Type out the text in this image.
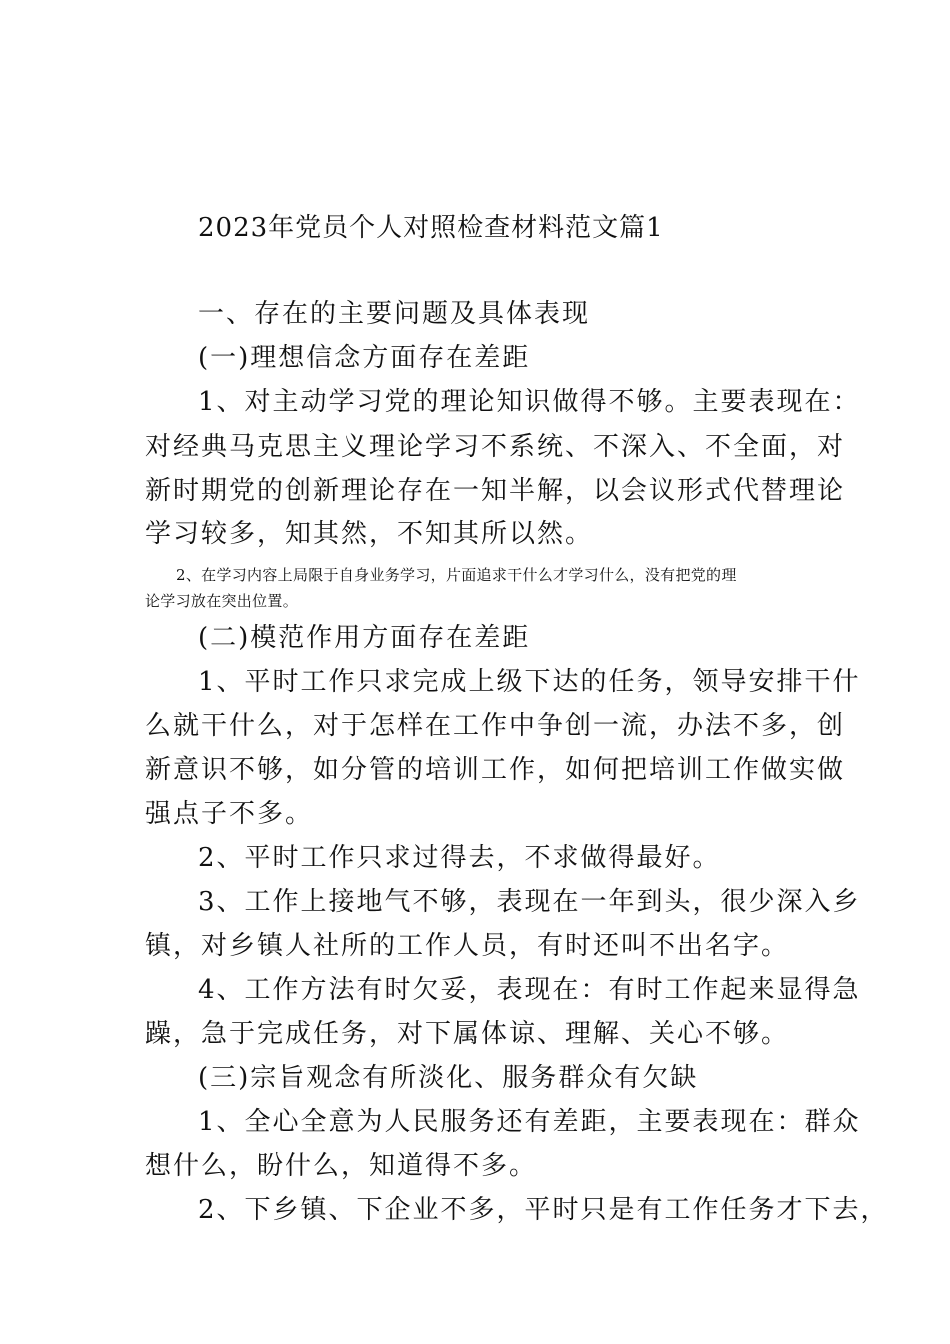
2023年党员个人对照检查材料范文篇1
一、存在的主要问题及具体表现
(一)理想信念方面存在差距
1、对主动学习党的理论知识做得不够。主要表现在：
对经典马克思主义理论学习不系统、不深入、不全面，对
新时期党的创新理论存在一知半解，以会议形式代替理论
学习较多，知其然，不知其所以然。
2、在学习内容上局限于自身业务学习，片面追求干什么才学习什么，没有把党的理
论学习放在突出位置。
(二)模范作用方面存在差距
1、平时工作只求完成上级下达的任务，领导安排干什
么就干什么，对于怎样在工作中争创一流，办法不多，创
新意识不够，如分管的培训工作，如何把培训工作做实做
强点子不多。
2、平时工作只求过得去，不求做得最好。
3、工作上接地气不够，表现在一年到头，很少深入乡
镇，对乡镇人社所的工作人员，有时还叫不出名字。
4、工作方法有时欠妥，表现在：有时工作起来显得急
躁，急于完成任务，对下属体谅、理解、关心不够。
(三)宗旨观念有所淡化、服务群众有欠缺
1、全心全意为人民服务还有差距，主要表现在：群众
想什么，盼什么，知道得不多。
2、下乡镇、下企业不多，平时只是有工作任务才下去，
